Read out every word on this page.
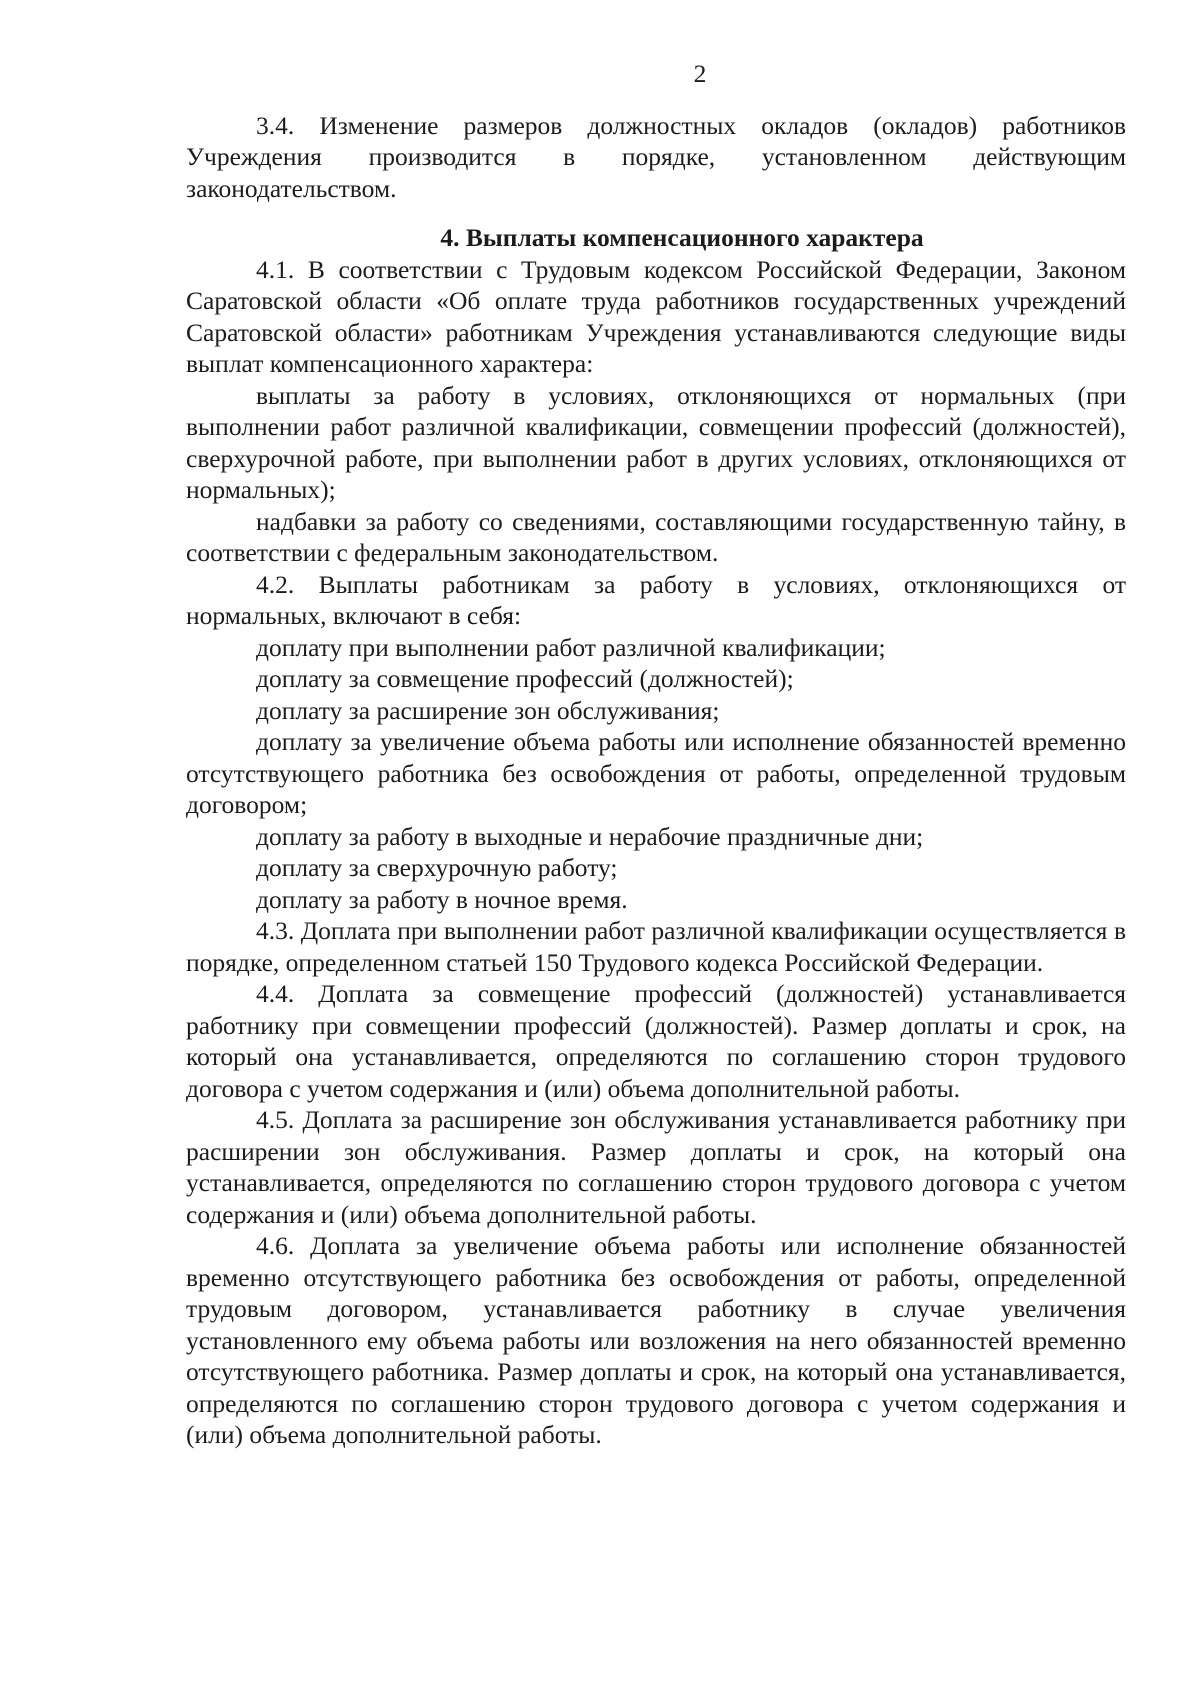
2

3.4. Изменение размеров должностных окладов (окладов) работников Учреждения производится в порядке, установленном действующим законодательством.

4. Выплаты компенсационного характера

4.1. В соответствии с Трудовым кодексом Российской Федерации, Законом Саратовской области «Об оплате труда работников государственных учреждений Саратовской области» работникам Учреждения устанавливаются следующие виды выплат компенсационного характера:

выплаты за работу в условиях, отклоняющихся от нормальных (при выполнении работ различной квалификации, совмещении профессий (должностей), сверхурочной работе, при выполнении работ в других условиях, отклоняющихся от нормальных);

надбавки за работу со сведениями, составляющими государственную тайну, в соответствии с федеральным законодательством.

4.2. Выплаты работникам за работу в условиях, отклоняющихся от нормальных, включают в себя:

доплату при выполнении работ различной квалификации;

доплату за совмещение профессий (должностей);

доплату за расширение зон обслуживания;

доплату за увеличение объема работы или исполнение обязанностей временно отсутствующего работника без освобождения от работы, определенной трудовым договором;

доплату за работу в выходные и нерабочие праздничные дни;

доплату за сверхурочную работу;

доплату за работу в ночное время.

4.3. Доплата при выполнении работ различной квалификации осуществляется в порядке, определенном статьей 150 Трудового кодекса Российской Федерации.

4.4. Доплата за совмещение профессий (должностей) устанавливается работнику при совмещении профессий (должностей). Размер доплаты и срок, на который она устанавливается, определяются по соглашению сторон трудового договора с учетом содержания и (или) объема дополнительной работы.

4.5. Доплата за расширение зон обслуживания устанавливается работнику при расширении зон обслуживания. Размер доплаты и срок, на который она устанавливается, определяются по соглашению сторон трудового договора с учетом содержания и (или) объема дополнительной работы.

4.6. Доплата за увеличение объема работы или исполнение обязанностей временно отсутствующего работника без освобождения от работы, определенной трудовым договором, устанавливается работнику в случае увеличения установленного ему объема работы или возложения на него обязанностей временно отсутствующего работника. Размер доплаты и срок, на который она устанавливается, определяются по соглашению сторон трудового договора с учетом содержания и (или) объема дополнительной работы.
